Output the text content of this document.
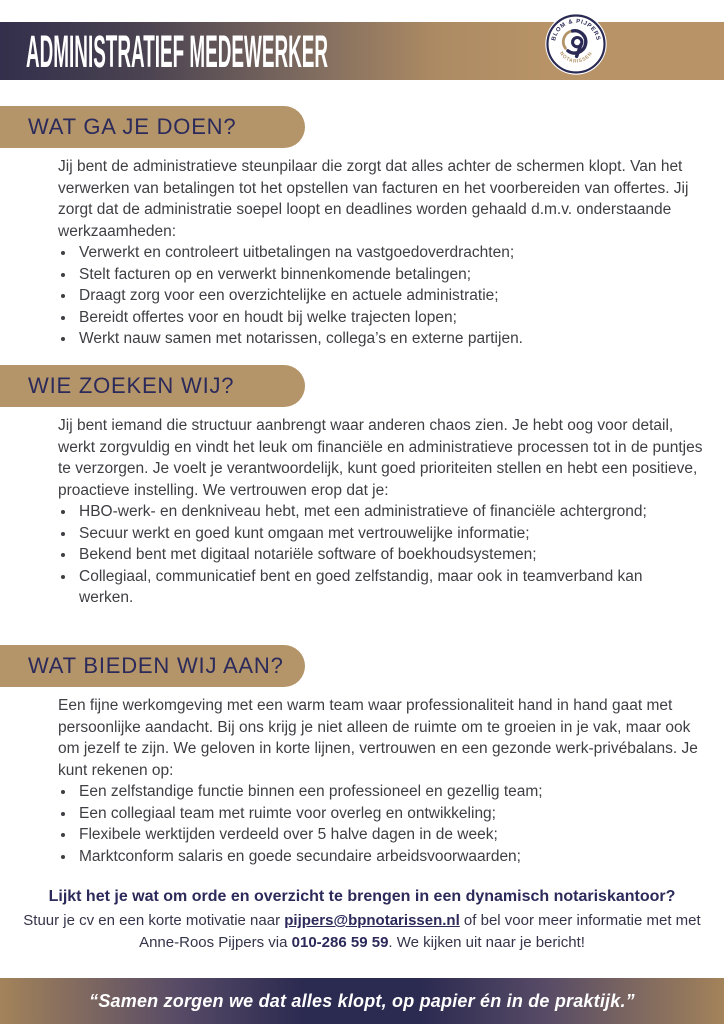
ADMINISTRATIEF MEDEWERKER	BLOM & PIJPERS
NOTARISSEN
WAT GA JE DOEN?

Jij bent de administratieve steunpilaar die zorgt dat alles achter de schermen klopt. Van het verwerken van betalingen tot het opstellen van facturen en het voorbereiden van offertes. Jij zorgt dat de administratie soepel loopt en deadlines worden gehaald d.m.v. onderstaande werkzaamheden:

• Verwerkt en controleert uitbetalingen na vastgoedoverdrachten;
• Stelt facturen op en verwerkt binnenkomende betalingen;
• Draagt zorg voor een overzichtelijke en actuele administratie;
• Bereidt offertes voor en houdt bij welke trajecten lopen;
• Werkt nauw samen met notarissen, collega’s en externe partijen.
WIE ZOEKEN WIJ?

Jij bent iemand die structuur aanbrengt waar anderen chaos zien. Je hebt oog voor detail, werkt zorgvuldig en vindt het leuk om financiële en administratieve processen tot in de puntjes te verzorgen. Je voelt je verantwoordelijk, kunt goed prioriteiten stellen en hebt een positieve, proactieve instelling. We vertrouwen erop dat je:

• HBO-werk- en denkniveau hebt, met een administratieve of financiële achtergrond;
• Secuur werkt en goed kunt omgaan met vertrouwelijke informatie;
• Bekend bent met digitaal notariële software of boekhoudsystemen;
• Collegiaal, communicatief bent en goed zelfstandig, maar ook in teamverband kan werken.
WAT BIEDEN WIJ AAN?

Een fijne werkomgeving met een warm team waar professionaliteit hand in hand gaat met persoonlijke aandacht. Bij ons krijg je niet alleen de ruimte om te groeien in je vak, maar ook om jezelf te zijn. We geloven in korte lijnen, vertrouwen en een gezonde werk-privébalans. Je kunt rekenen op:

• Een zelfstandige functie binnen een professioneel en gezellig team;
• Een collegiaal team met ruimte voor overleg en ontwikkeling;
• Flexibele werktijden verdeeld over 5 halve dagen in de week;
• Marktconform salaris en goede secundaire arbeidsvoorwaarden;

Lijkt het je wat om orde en overzicht te brengen in een dynamisch notariskantoor?

Stuur je cv en een korte motivatie naar pijpers@bpnotarissen.nl of bel voor meer informatie met met Anne-Roos Pijpers via 010-286 59 59. We kijken uit naar je bericht!

“Samen zorgen we dat alles klopt, op papier én in de praktijk.”
